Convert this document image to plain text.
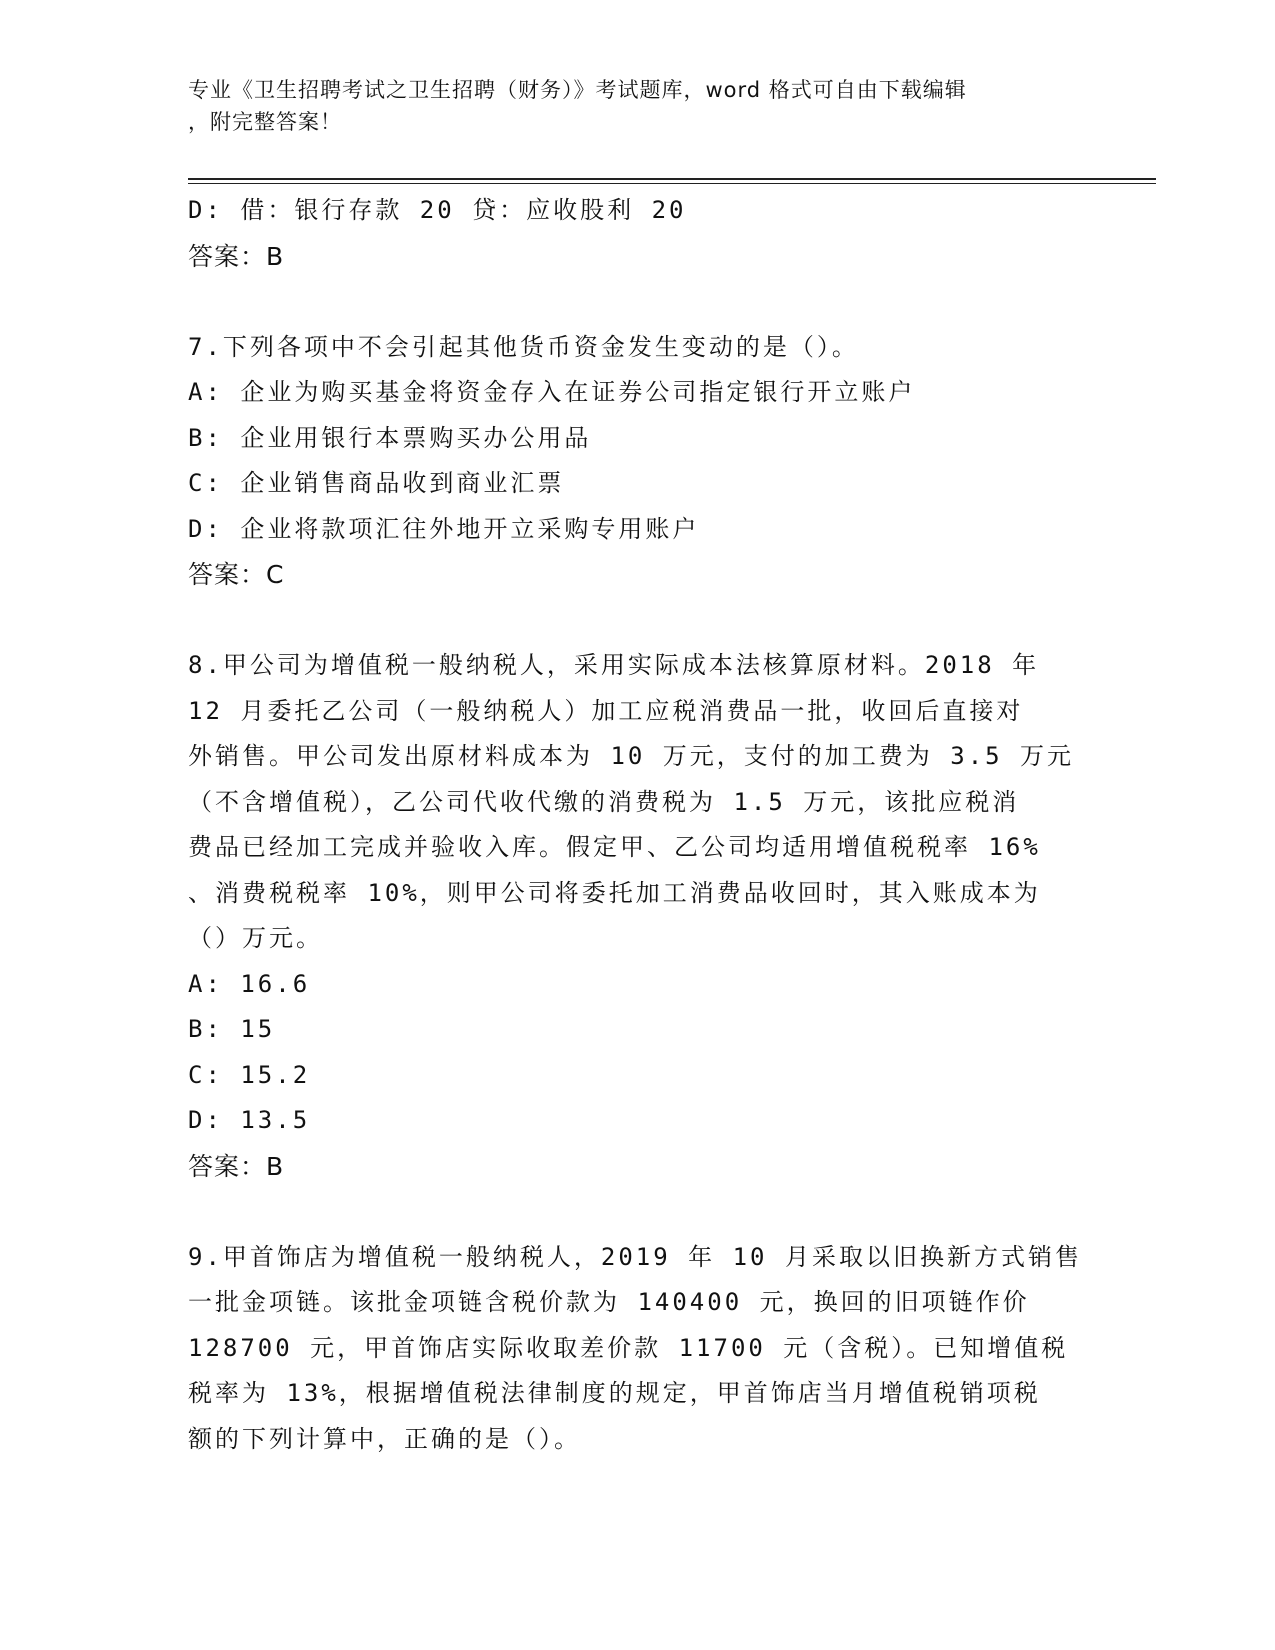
专业《卫生招聘考试之卫生招聘（财务）》考试题库，word 格式可自由下载编辑
，附完整答案！

D: 借：银行存款 20 贷：应收股利 20

答案：B

7.下列各项中不会引起其他货币资金发生变动的是（）。

A: 企业为购买基金将资金存入在证券公司指定银行开立账户

B: 企业用银行本票购买办公用品

C: 企业销售商品收到商业汇票

D: 企业将款项汇往外地开立采购专用账户

答案：C

8.甲公司为增值税一般纳税人，采用实际成本法核算原材料。2018 年

12 月委托乙公司（一般纳税人）加工应税消费品一批，收回后直接对

外销售。甲公司发出原材料成本为 10 万元，支付的加工费为 3.5 万元

（不含增值税），乙公司代收代缴的消费税为 1.5 万元，该批应税消

费品已经加工完成并验收入库。假定甲、乙公司均适用增值税税率 16%

、消费税税率 10%，则甲公司将委托加工消费品收回时，其入账成本为

（）万元。

A: 16.6

B: 15

C: 15.2

D: 13.5

答案：B

9.甲首饰店为增值税一般纳税人，2019 年 10 月采取以旧换新方式销售

一批金项链。该批金项链含税价款为 140400 元，换回的旧项链作价

128700 元，甲首饰店实际收取差价款 11700 元（含税）。已知增值税

税率为 13%，根据增值税法律制度的规定，甲首饰店当月增值税销项税

额的下列计算中，正确的是（）。
